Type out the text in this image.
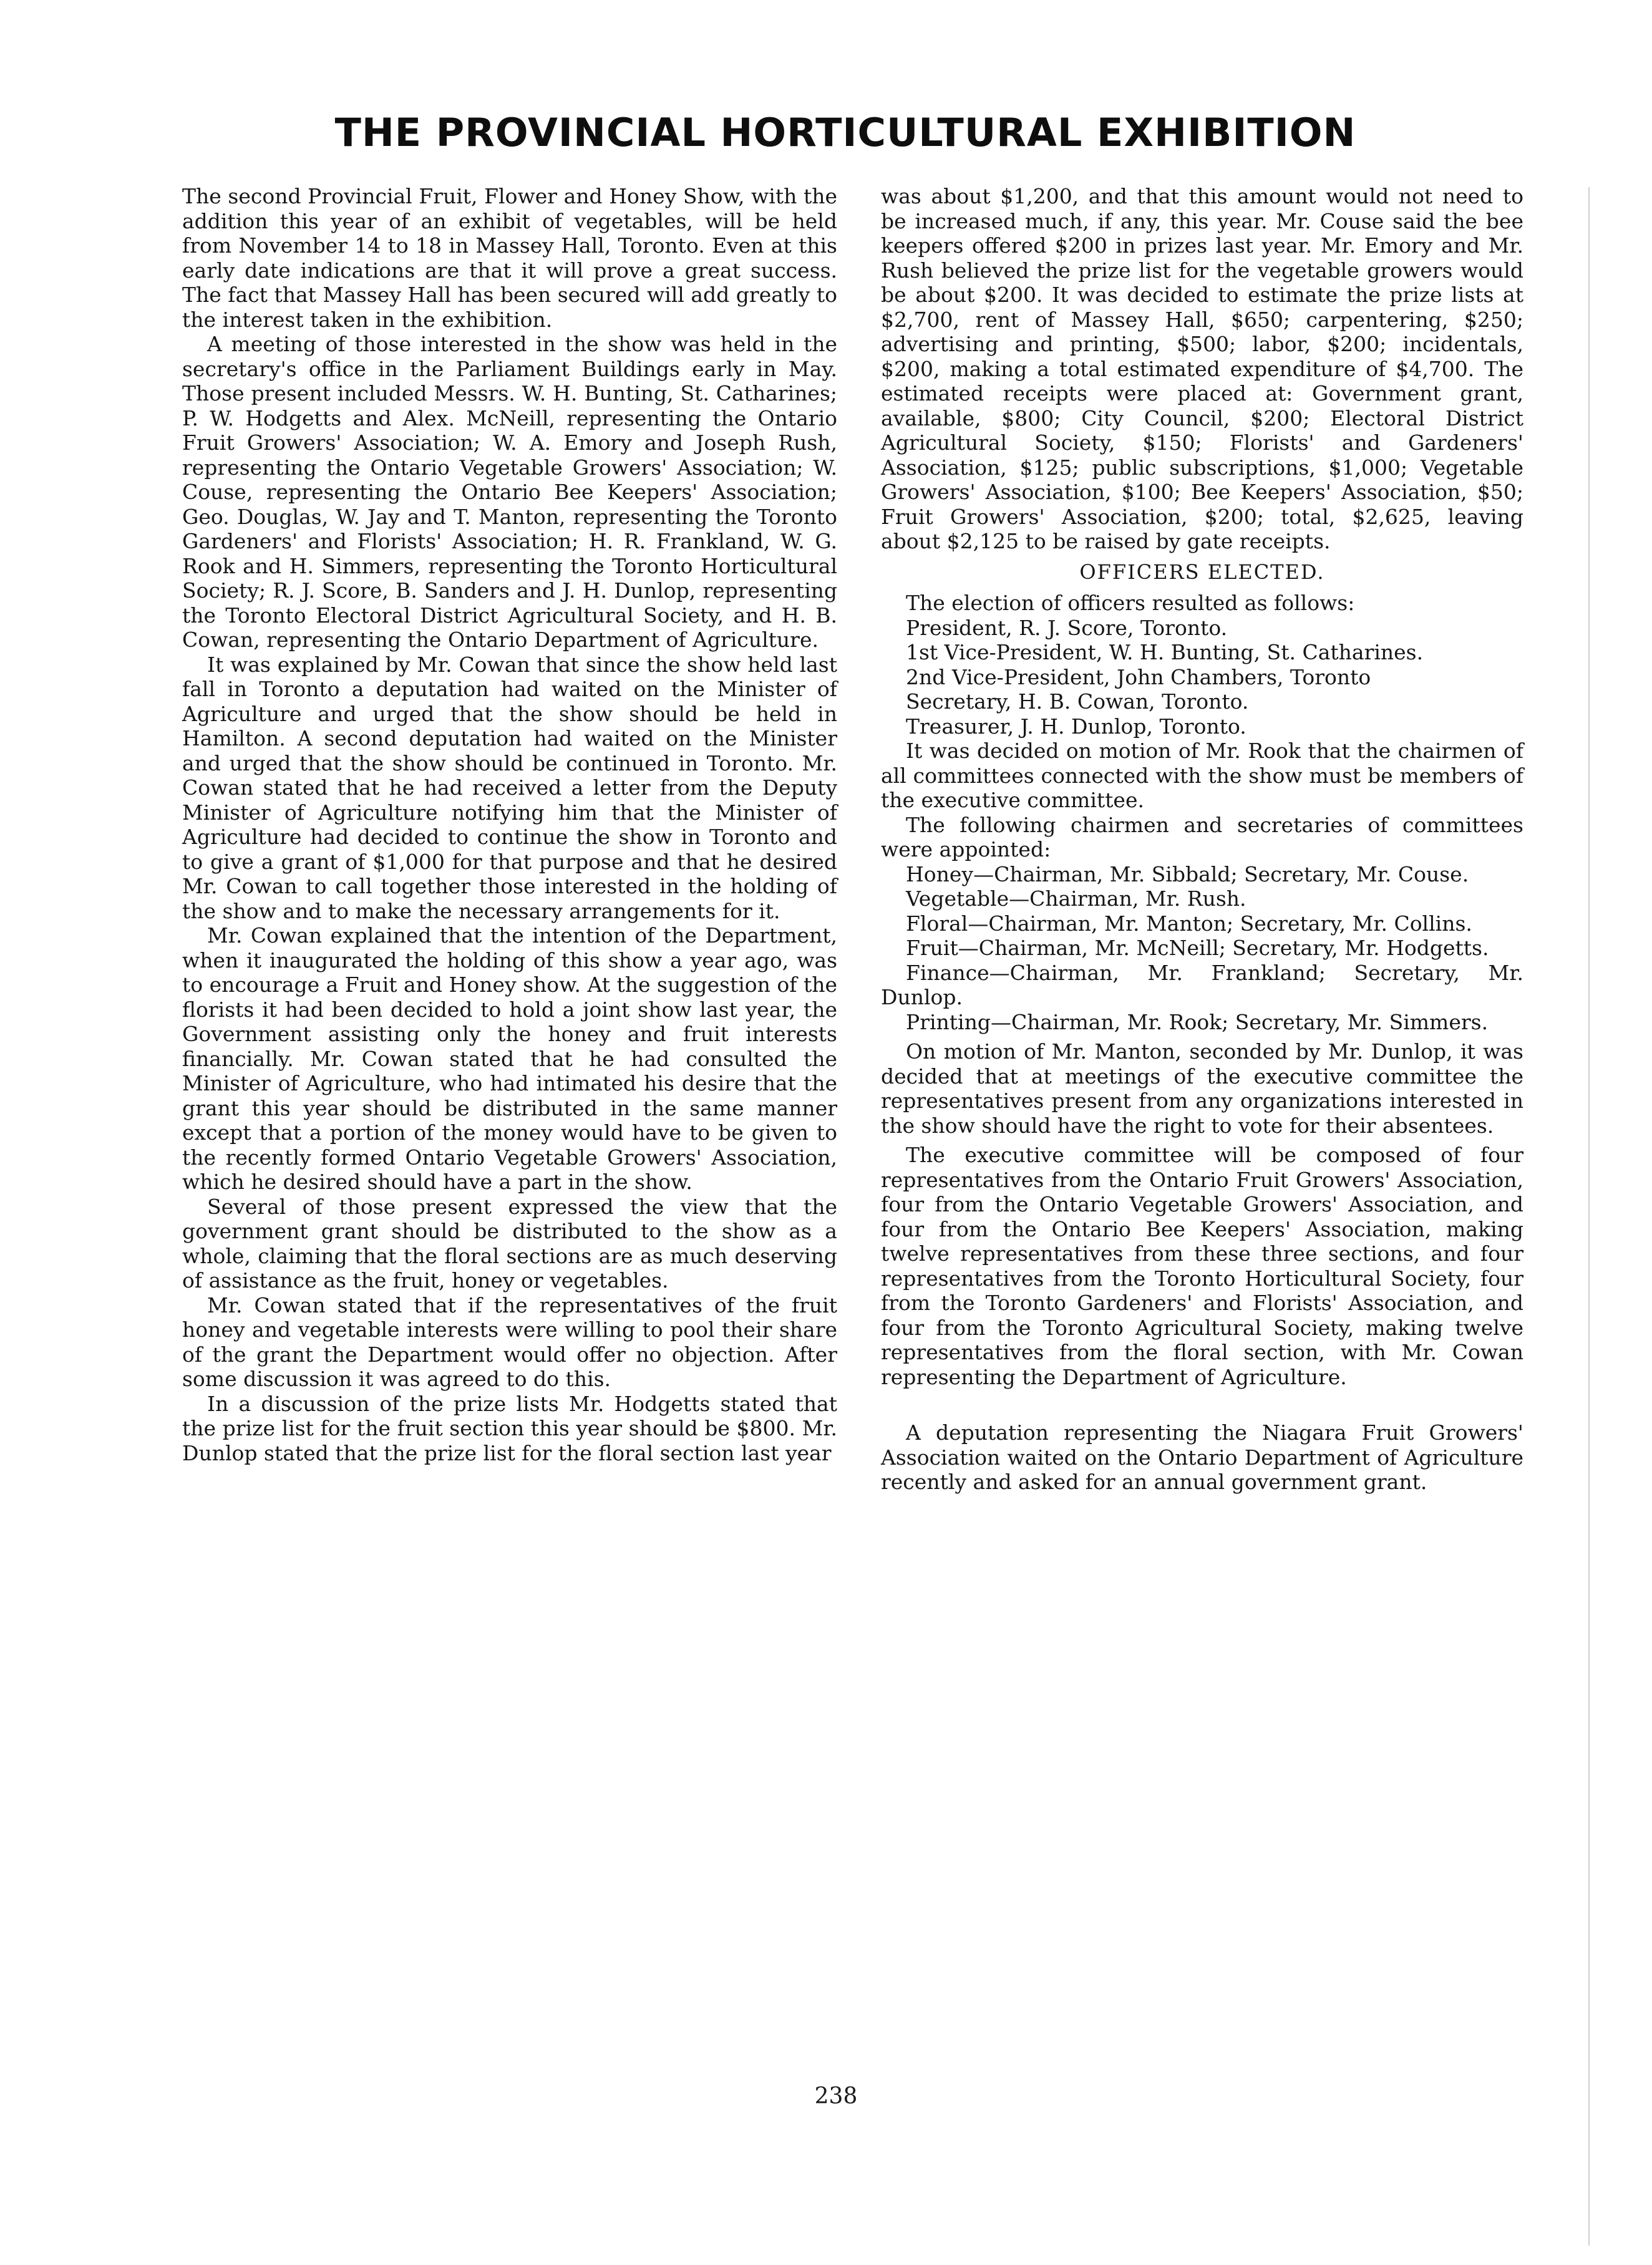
THE PROVINCIAL HORTICULTURAL EXHIBITION

The second Provincial Fruit, Flower and Honey Show, with the addition this year of an exhibit of vegetables, will be held from November 14 to 18 in Massey Hall, Toronto. Even at this early date indications are that it will prove a great success. The fact that Massey Hall has been secured will add greatly to the interest taken in the exhibition.

A meeting of those interested in the show was held in the secretary's office in the Parliament Buildings early in May. Those present included Messrs. W. H. Bunting, St. Catharines; P. W. Hodgetts and Alex. McNeill, representing the Ontario Fruit Growers' Association; W. A. Emory and Joseph Rush, representing the Ontario Vegetable Growers' Association; W. Couse, representing the Ontario Bee Keepers' Association; Geo. Douglas, W. Jay and T. Manton, representing the Toronto Gardeners' and Florists' Association; H. R. Frankland, W. G. Rook and H. Simmers, representing the Toronto Horticultural Society; R. J. Score, B. Sanders and J. H. Dunlop, representing the Toronto Electoral District Agricultural Society, and H. B. Cowan, representing the Ontario Department of Agriculture.

It was explained by Mr. Cowan that since the show held last fall in Toronto a deputation had waited on the Minister of Agriculture and urged that the show should be held in Hamilton. A second deputation had waited on the Minister and urged that the show should be continued in Toronto. Mr. Cowan stated that he had received a letter from the Deputy Minister of Agriculture notifying him that the Minister of Agriculture had decided to continue the show in Toronto and to give a grant of $1,000 for that purpose and that he desired Mr. Cowan to call together those interested in the holding of the show and to make the necessary arrangements for it.

Mr. Cowan explained that the intention of the Department, when it inaugurated the holding of this show a year ago, was to encourage a Fruit and Honey show. At the suggestion of the florists it had been decided to hold a joint show last year, the Government assisting only the honey and fruit interests financially. Mr. Cowan stated that he had consulted the Minister of Agriculture, who had intimated his desire that the grant this year should be distributed in the same manner except that a portion of the money would have to be given to the recently formed Ontario Vegetable Growers' Association, which he desired should have a part in the show.

Several of those present expressed the view that the government grant should be distributed to the show as a whole, claiming that the floral sections are as much deserving of assistance as the fruit, honey or vegetables.

Mr. Cowan stated that if the representatives of the fruit honey and vegetable interests were willing to pool their share of the grant the Department would offer no objection. After some discussion it was agreed to do this.

In a discussion of the prize lists Mr. Hodgetts stated that the prize list for the fruit section this year should be $800. Mr. Dunlop stated that the prize list for the floral section last year

was about $1,200, and that this amount would not need to be increased much, if any, this year. Mr. Couse said the bee keepers offered $200 in prizes last year. Mr. Emory and Mr. Rush believed the prize list for the vegetable growers would be about $200. It was decided to estimate the prize lists at $2,700, rent of Massey Hall, $650; carpentering, $250; advertising and printing, $500; labor, $200; incidentals, $200, making a total estimated expenditure of $4,700. The estimated receipts were placed at: Government grant, available, $800; City Council, $200; Electoral District Agricultural Society, $150; Florists' and Gardeners' Association, $125; public subscriptions, $1,000; Vegetable Growers' Association, $100; Bee Keepers' Association, $50; Fruit Growers' Association, $200; total, $2,625, leaving about $2,125 to be raised by gate receipts.

OFFICERS ELECTED.

The election of officers resulted as follows:

President, R. J. Score, Toronto.

1st Vice-President, W. H. Bunting, St. Catharines.

2nd Vice-President, John Chambers, Toronto

Secretary, H. B. Cowan, Toronto.

Treasurer, J. H. Dunlop, Toronto.

It was decided on motion of Mr. Rook that the chairmen of all committees connected with the show must be members of the executive committee.

The following chairmen and secretaries of committees were appointed:

Honey—Chairman, Mr. Sibbald; Secretary, Mr. Couse.

Vegetable—Chairman, Mr. Rush.

Floral—Chairman, Mr. Manton; Secretary, Mr. Collins.

Fruit—Chairman, Mr. McNeill; Secretary, Mr. Hodgetts.

Finance—Chairman, Mr. Frankland; Secretary, Mr. Dunlop.

Printing—Chairman, Mr. Rook; Secretary, Mr. Simmers.

On motion of Mr. Manton, seconded by Mr. Dunlop, it was decided that at meetings of the executive committee the representatives present from any organizations interested in the show should have the right to vote for their absentees.

The executive committee will be composed of four representatives from the Ontario Fruit Growers' Association, four from the Ontario Vegetable Growers' Association, and four from the Ontario Bee Keepers' Association, making twelve representatives from these three sections, and four representatives from the Toronto Horticultural Society, four from the Toronto Gardeners' and Florists' Association, and four from the Toronto Agricultural Society, making twelve representatives from the floral section, with Mr. Cowan representing the Department of Agriculture.

A deputation representing the Niagara Fruit Growers' Association waited on the Ontario Department of Agriculture recently and asked for an annual government grant.

238
